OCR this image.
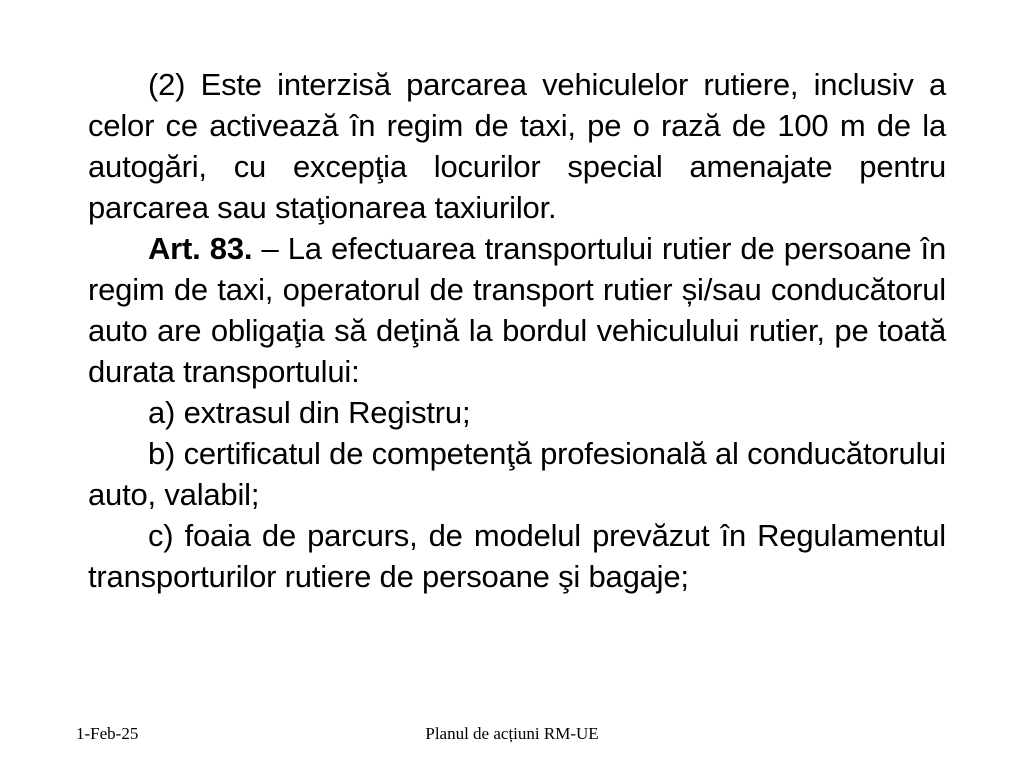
(2) Este interzisă parcarea vehiculelor rutiere, inclusiv a celor ce activează în regim de taxi, pe o rază de 100 m de la autogări, cu excepţia locurilor special amenajate pentru parcarea sau staţionarea taxiurilor.

Art. 83. – La efectuarea transportului rutier de persoane în regim de taxi, operatorul de transport rutier și/sau conducătorul auto are obligaţia să deţină la bordul vehiculului rutier, pe toată durata transportului:

a) extrasul din Registru;

b) certificatul de competenţă profesională al conducătorului auto, valabil;

c) foaia de parcurs, de modelul prevăzut în Regulamentul transporturilor rutiere de persoane şi bagaje;

1-Feb-25	Planul de acțiuni RM-UE
